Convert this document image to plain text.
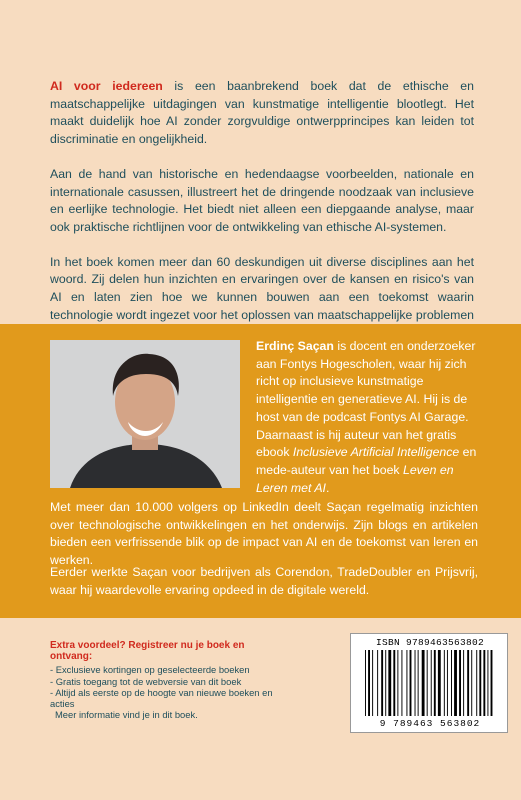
AI voor iedereen is een baanbrekend boek dat de ethische en maatschappelijke uitdagingen van kunstmatige intelligentie blootlegt. Het maakt duidelijk hoe AI zonder zorgvuldige ontwerpprincipes kan leiden tot discriminatie en ongelijkheid.

Aan de hand van historische en hedendaagse voorbeelden, nationale en internationale casussen, illustreert het de dringende noodzaak van inclusieve en eerlijke technologie. Het biedt niet alleen een diepgaande analyse, maar ook praktische richtlijnen voor de ontwikkeling van ethische AI-systemen.

In het boek komen meer dan 60 deskundigen uit diverse disciplines aan het woord. Zij delen hun inzichten en ervaringen over de kansen en risico's van AI en laten zien hoe we kunnen bouwen aan een toekomst waarin technologie wordt ingezet voor het oplossen van maatschappelijke problemen

Erdinç Saçan is docent en onderzoeker aan Fontys Hogescholen, waar hij zich richt op inclusieve kunstmatige intelligentie en generatieve AI. Hij is de host van de podcast Fontys AI Garage. Daarnaast is hij auteur van het gratis ebook Inclusieve Artificial Intelligence en mede-auteur van het boek Leven en Leren met AI.

Met meer dan 10.000 volgers op LinkedIn deelt Saçan regelmatig inzichten over technologische ontwikkelingen en het onderwijs. Zijn blogs en artikelen bieden een verfrissende blik op de impact van AI en de toekomst van leren en werken.

Eerder werkte Saçan voor bedrijven als Corendon, TradeDoubler en Prijsvrij, waar hij waardevolle ervaring opdeed in de digitale wereld.

Extra voordeel? Registreer nu je boek en ontvang:
- Exclusieve kortingen op geselecteerde boeken
- Gratis toegang tot de webversie van dit boek
- Altijd als eerste op de hoogte van nieuwe boeken en acties
Meer informatie vind je in dit boek.
ISBN 9789463563802
9 789463 563802
